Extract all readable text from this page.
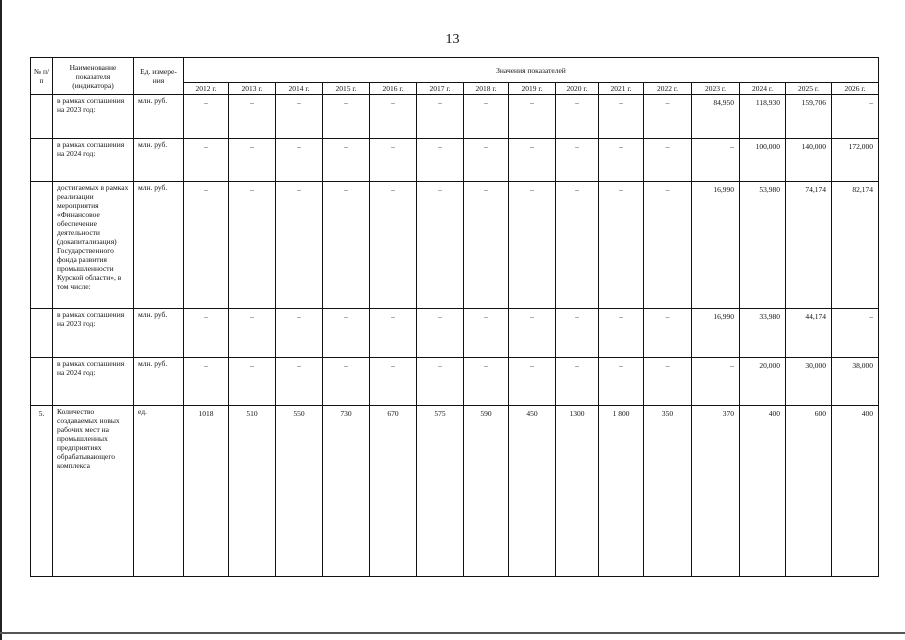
13
№ п/п	Наименование показателя (индикатора)	Ед. измере-ния	Значения показателей														
			2012 г.	2013 г.	2014 г.	2015 г.	2016 г.	2017 г.	2018 г.	2019 г.	2020 г.	2021 г.	2022 г.	2023 г.	2024 г.	2025 г.	2026 г.
	в рамках соглашения на 2023 год:	млн. руб.	–	–	–	–	–	–	–	–	–	–	–	84,950	118,930	159,706	–
	в рамках соглашения на 2024 год:	млн. руб.	–	–	–	–	–	–	–	–	–	–	–	–	100,000	140,000	172,000
	достигаемых в рамках реализации мероприятия «Финансовое обеспечение деятельности (докапитализация) Государственного фонда развития промышленности Курской области», в том числе:	млн. руб.	–	–	–	–	–	–	–	–	–	–	–	16,990	53,980	74,174	82,174
	в рамках соглашения на 2023 год:	млн. руб.	–	–	–	–	–	–	–	–	–	–	–	16,990	33,980	44,174	–
	в рамках соглашения на 2024 год:	млн. руб.	–	–	–	–	–	–	–	–	–	–	–	–	20,000	30,000	38,000
5.	Количество создаваемых новых рабочих мест на промышленных предприятиях обрабатывающего комплекса	ед.	1018	510	550	730	670	575	590	450	1300	1 800	350	370	400	600	400
